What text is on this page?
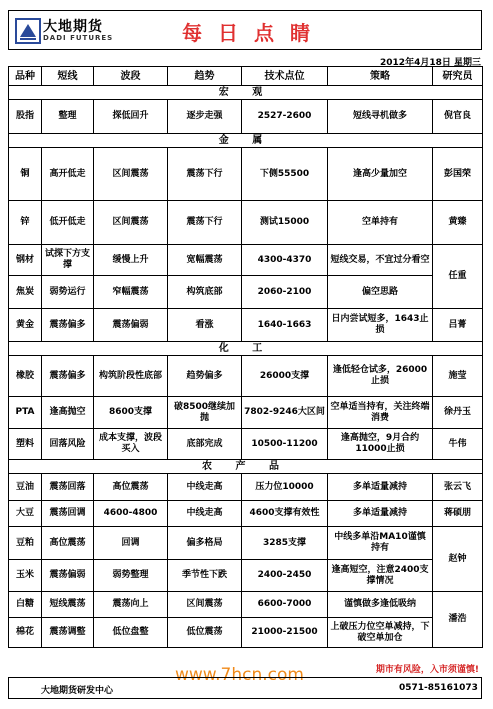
大地期货
DADI FUTURES	每日点睛
2012年4月18日 星期三
品种	短线	波段	趋势	技术点位	策略	研究员
宏 观						
股指	整理	探低回升	逐步走强	2527-2600	短线寻机做多	倪官良
金 属						
铜	高开低走	区间震荡	震荡下行	下侧55500	逢高少量加空	彭国荣
锌	低开低走	区间震荡	震荡下行	测试15000	空单持有	黄臻
钢材	试探下方支撑	缓慢上升	宽幅震荡	4300-4370	短线交易，不宜过分看空	任重
焦炭	弱势运行	窄幅震荡	构筑底部	2060-2100	偏空思路	
黄金	震荡偏多	震荡偏弱	看涨	1640-1663	日内尝试短多，1643止损	吕菁
化 工						
橡胶	震荡偏多	构筑阶段性底部	趋势偏多	26000支撑	逢低轻仓试多，26000止损	施莹
PTA	逢高抛空	8600支撑	破8500继续加抛	7802-9246大区间	空单适当持有，关注终端消费	徐丹玉
塑料	回落风险	成本支撑，波段买入	底部完成	10500-11200	逢高抛空，9月合约11000止损	牛伟
农 产 品						
豆油	震荡回落	高位震荡	中线走高	压力位10000	多单适量减持	张云飞
大豆	震荡回调	4600-4800	中线走高	4600支撑有效性	多单适量减持	蒋硕朋
豆粕	高位震荡	回调	偏多格局	3285支撑	中线多单沿MA10谨慎持有	赵钟
玉米	震荡偏弱	弱势整理	季节性下跌	2400-2450	逢高短空，注意2400支撑情况	
白糖	短线震荡	震荡向上	区间震荡	6600-7000	谨慎做多逢低吸纳	潘浩
棉花	震荡调整	低位盘整	低位震荡	21000-21500	上破压力位空单减持，下破空单加仓	
www.7hcn.com	期市有风险，入市须谨慎!
大地期货研发中心	0571-85161073
